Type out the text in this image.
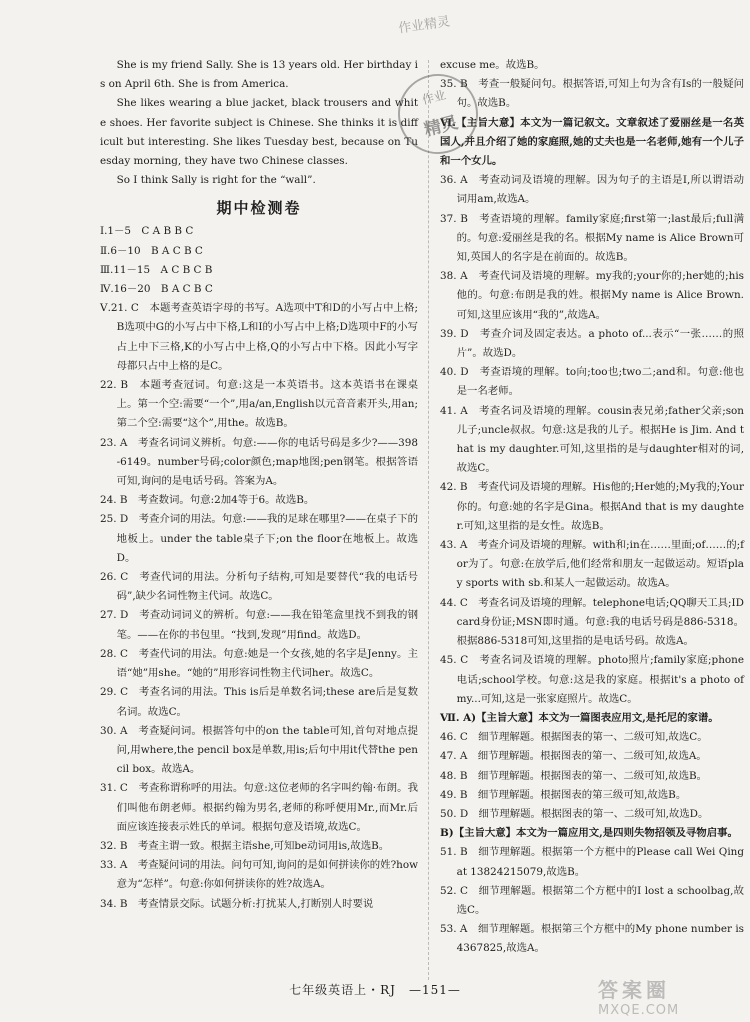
作业精灵

She is my friend Sally. She is 13 years old. Her birthday is on April 6th. She is from America.

She likes wearing a blue jacket, black trousers and white shoes. Her favorite subject is Chinese. She thinks it is difficult but interesting. She likes Tuesday best, because on Tuesday morning, they have two Chinese classes.

So I think Sally is right for the “wall”.

期中检测卷

Ⅰ.1－5　C A B B C

Ⅱ.6－10　B A C B C

Ⅲ.11－15　A C B C B

Ⅳ.16－20　B A C B C

Ⅴ.21. C　本题考查英语字母的书写。A选项中T和D的小写占中上格;B选项中G的小写占中下格,L和I的小写占中上格;D选项中F的小写占上中下三格,K的小写占中上格,Q的小写占中下格。因此小写字母都只占中上格的是C。

22. B　本题考查冠词。句意:这是一本英语书。这本英语书在课桌上。第一个空:需要“一个”,用a/an,English以元音音素开头,用an;第二个空:需要“这个”,用the。故选B。

23. A　考查名词词义辨析。句意:——你的电话号码是多少?——398-6149。number号码;color颜色;map地图;pen钢笔。根据答语可知,询问的是电话号码。答案为A。

24. B　考查数词。句意:2加4等于6。故选B。

25. D　考查介词的用法。句意:——我的足球在哪里?——在桌子下的地板上。under the table桌子下;on the floor在地板上。故选D。

26. C　考查代词的用法。分析句子结构,可知是要替代“我的电话号码”,缺少名词性物主代词。故选C。

27. D　考查动词词义的辨析。句意:——我在铅笔盒里找不到我的钢笔。——在你的书包里。“找到,发现”用find。故选D。

28. C　考查代词的用法。句意:她是一个女孩,她的名字是Jenny。主语“她”用she。“她的”用形容词性物主代词her。故选C。

29. C　考查名词的用法。This is后是单数名词;these are后是复数名词。故选C。

30. A　考查疑问词。根据答句中的on the table可知,首句对地点提问,用where,the pencil box是单数,用is;后句中用it代替the pencil box。故选A。

31. C　考查称谓称呼的用法。句意:这位老师的名字叫约翰·布朗。我们叫他布朗老师。根据约翰为男名,老师的称呼便用Mr.,而Mr.后面应该连接表示姓氏的单词。根据句意及语境,故选C。

32. B　考查主谓一致。根据主语she,可知be动词用is,故选B。

33. A　考查疑问词的用法。问句可知,询问的是如何拼读你的姓?how意为“怎样”。句意:你如何拼读你的姓?故选A。

34. B　考查情景交际。试题分析:打扰某人,打断别人时要说

excuse me。故选B。

35. B　考查一般疑问句。根据答语,可知上句为含有Is的一般疑问句。故选B。

Ⅵ.【主旨大意】本文为一篇记叙文。文章叙述了爱丽丝是一名英国人,并且介绍了她的家庭照,她的丈夫也是一名老师,她有一个儿子和一个女儿。

36. A　考查动词及语境的理解。因为句子的主语是I,所以谓语动词用am,故选A。

37. B　考查语境的理解。family家庭;first第一;last最后;full满的。句意:爱丽丝是我的名。根据My name is Alice Brown可知,英国人的名字是在前面的。故选B。

38. A　考查代词及语境的理解。my我的;your你的;her她的;his他的。句意:布朗是我的姓。根据My name is Alice Brown.可知,这里应该用“我的”,故选A。

39. D　考查介词及固定表达。a photo of...表示“一张……的照片”。故选D。

40. D　考查语境的理解。to向;too也;two二;and和。句意:他也是一名老师。

41. A　考查名词及语境的理解。cousin表兄弟;father父亲;son儿子;uncle叔叔。句意:这是我的儿子。根据He is Jim. And that is my daughter.可知,这里指的是与daughter相对的词,故选C。

42. B　考查代词及语境的理解。His他的;Her她的;My我的;Your你的。句意:她的名字是Gina。根据And that is my daughter.可知,这里指的是女性。故选B。

43. A　考查介词及语境的理解。with和;in在……里面;of……的;for为了。句意:在放学后,他们经常和朋友一起做运动。短语play sports with sb.和某人一起做运动。故选A。

44. C　考查名词及语境的理解。telephone电话;QQ聊天工具;ID card身份证;MSN即时通。句意:我的电话号码是886-5318。根据886-5318可知,这里指的是电话号码。故选A。

45. C　考查名词及语境的理解。photo照片;family家庭;phone电话;school学校。句意:这是我的家庭。根据it's a photo of my...可知,这是一张家庭照片。故选C。

Ⅶ. A)【主旨大意】本文为一篇图表应用文,是托尼的家谱。

46. C　细节理解题。根据图表的第一、二级可知,故选C。

47. A　细节理解题。根据图表的第一、二级可知,故选A。

48. B　细节理解题。根据图表的第一、二级可知,故选B。

49. B　细节理解题。根据图表的第三级可知,故选B。

50. D　细节理解题。根据图表的第一、二级可知,故选D。

B)【主旨大意】本文为一篇应用文,是四则失物招领及寻物启事。

51. B　细节理解题。根据第一个方框中的Please call Wei Qing at 13824215079,故选B。

52. C　细节理解题。根据第二个方框中的I lost a schoolbag,故选C。

53. A　细节理解题。根据第三个方框中的My phone number is 4367825,故选A。

作业
精灵
七年级英语上・RJ　—151—	答案圈
MXQE.COM
